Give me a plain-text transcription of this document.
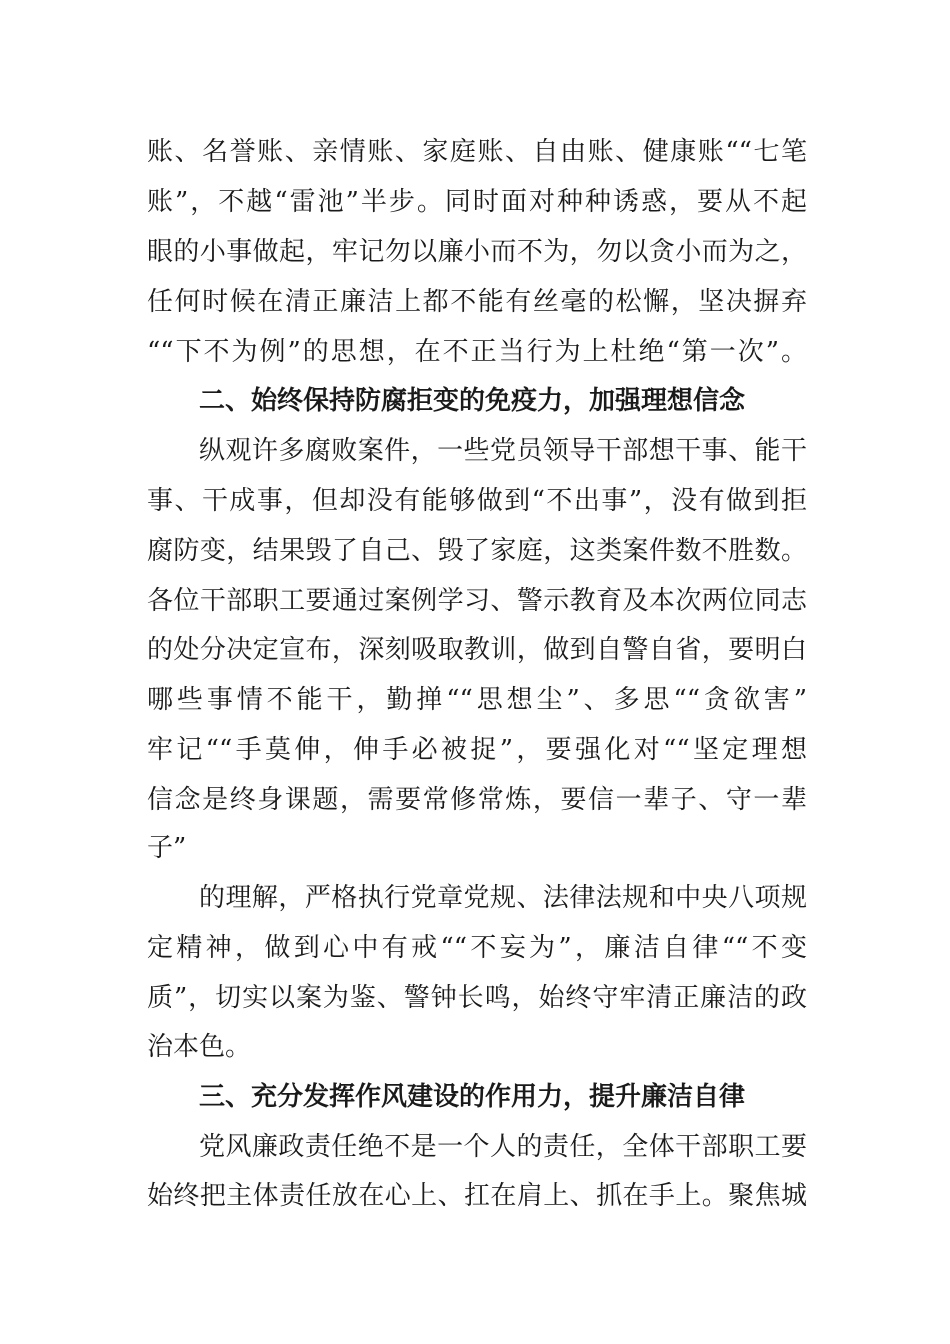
账、名誉账、亲情账、家庭账、自由账、健康账““七笔
账”，不越“雷池”半步。同时面对种种诱惑，要从不起
眼的小事做起，牢记勿以廉小而不为，勿以贪小而为之，
任何时候在清正廉洁上都不能有丝毫的松懈，坚决摒弃
““下不为例”的思想，在不正当行为上杜绝“第一次”。
二、始终保持防腐拒变的免疫力，加强理想信念
纵观许多腐败案件，一些党员领导干部想干事、能干
事、干成事，但却没有能够做到“不出事”，没有做到拒
腐防变，结果毁了自己、毁了家庭，这类案件数不胜数。
各位干部职工要通过案例学习、警示教育及本次两位同志
的处分决定宣布，深刻吸取教训，做到自警自省，要明白
哪些事情不能干，勤掸““思想尘”、多思““贪欲害”
牢记““手莫伸，伸手必被捉”，要强化对““坚定理想
信念是终身课题，需要常修常炼，要信一辈子、守一辈
子”
的理解，严格执行党章党规、法律法规和中央八项规
定精神，做到心中有戒““不妄为”，廉洁自律““不变
质”，切实以案为鉴、警钟长鸣，始终守牢清正廉洁的政
治本色。
三、充分发挥作风建设的作用力，提升廉洁自律
党风廉政责任绝不是一个人的责任，全体干部职工要
始终把主体责任放在心上、扛在肩上、抓在手上。聚焦城
